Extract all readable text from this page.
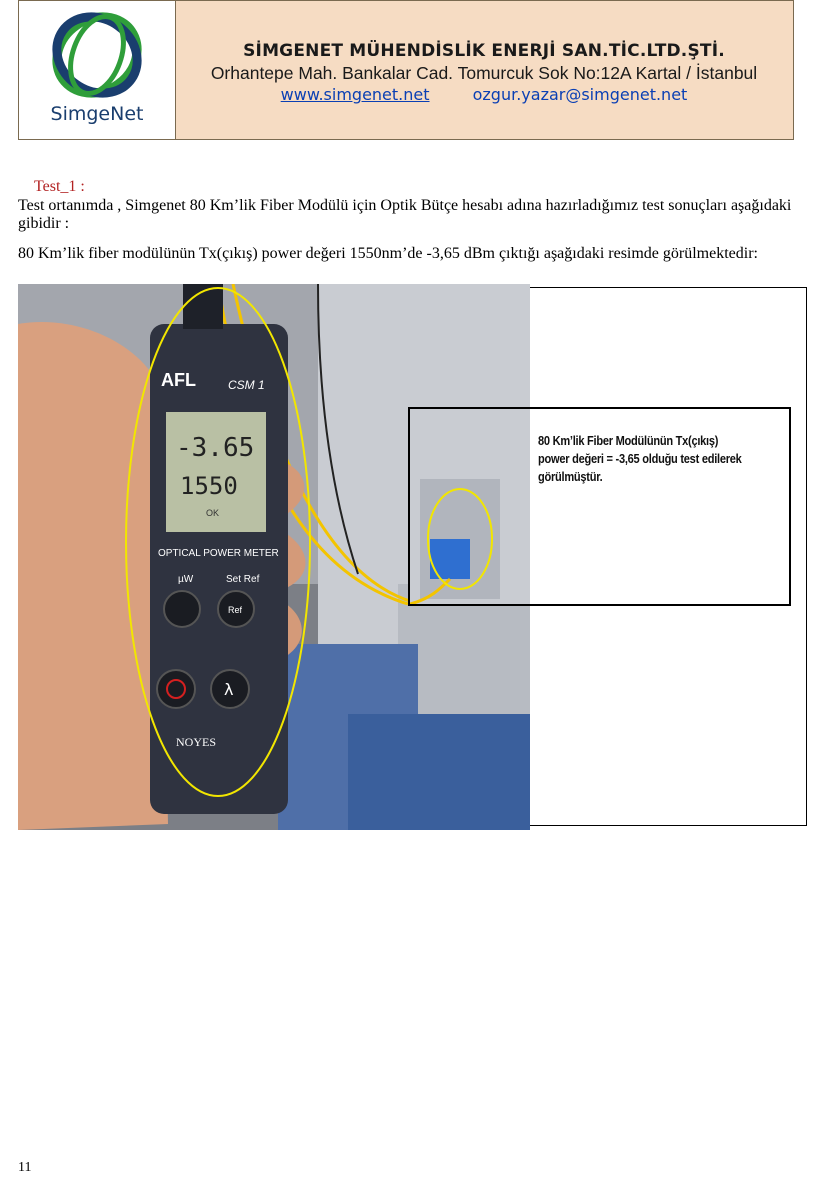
SimgeNet
SİMGENET MÜHENDİSLİK ENERJİ SAN.TİC.LTD.ŞTİ.
Orhantepe Mah. Bankalar Cad. Tomurcuk Sok No:12A Kartal / İstanbul
www.simgenet.net	ozgur.yazar@simgenet.net
Test_1 :
Test ortanımda , Simgenet 80 Km’lik Fiber Modülü için Optik Bütçe hesabı adına hazırladığımız test sonuçları aşağıdaki gibidir :
80 Km’lik fiber modülünün Tx(çıkış) power değeri 1550nm’de -3,65 dBm çıktığı aşağıdaki resimde görülmektedir:
-3.65
1550
OK
AFL	CSM 1
OPTICAL POWER METER
µW	Set Ref
Ref
λ
NOYES
80 Km’lik Fiber Modülünün Tx(çıkış) power değeri = -3,65 olduğu test edilerek görülmüştür.
11
